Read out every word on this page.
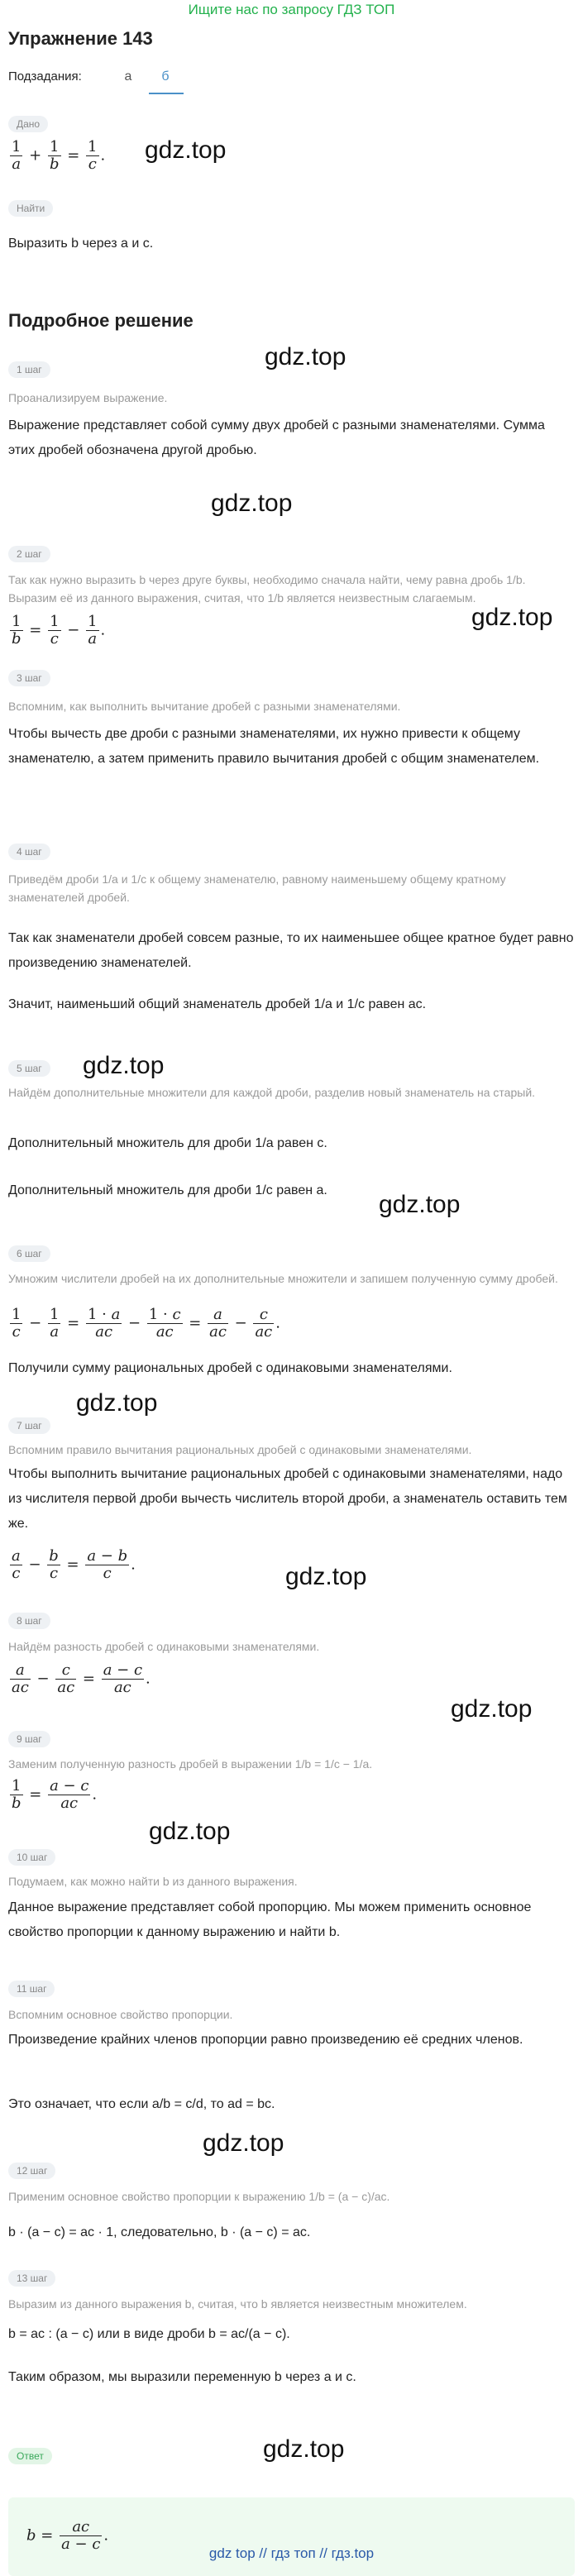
Ищите нас по запросу ГДЗ ТОП
Упражнение 143
Подзадания:	а	б
Дано
$\frac{1}{a} + \frac{1}{b} = \frac{1}{c}$ . gdz.top
Найти
Выразить b через a и c.
Подробное решение
1 шаг	gdz.top
Проанализируем выражение.
Выражение представляет собой сумму двух дробей с разными знаменателями. Сумма этих дробей обозначена другой дробью.
2 шаг
gdz.top
Так как нужно выразить b через друге буквы, необходимо сначала найти, чему равна дробь 1/b. Выразим её из данного выражения, считая, что 1/b является неизвестным слагаемым.
$\frac{1}{b} = \frac{1}{c} - \frac{1}{a}$ .	gdz.top
3 шаг
Вспомним, как выполнить вычитание дробей с разными знаменателями.
Чтобы вычесть две дроби с разными знаменателями, их нужно привести к общему знаменателю, а затем применить правило вычитания дробей с общим знаменателем.
4 шаг
Приведём дроби 1/a и 1/c к общему знаменателю, равному наименьшему общему кратному знаменателей дробей.
Так как знаменатели дробей совсем разные, то их наименьшее общее кратное будет равно произведению знаменателей.
Значит, наименьший общий знаменатель дробей 1/a и 1/c равен ac.
5 шаг	gdz.top
Найдём дополнительные множители для каждой дроби, разделив новый знаменатель на старый.
Дополнительный множитель для дроби 1/a равен c.
Дополнительный множитель для дроби 1/c равен a.
gdz.top
6 шаг
Умножим числители дробей на их дополнительные множители и запишем полученную сумму дробей.
$\frac{1}{c} - \frac{1}{a} = \frac{1 \cdot a}{ac} - \frac{1 \cdot c}{ac} = \frac{a}{ac} - \frac{c}{ac}$ .
Получили сумму рациональных дробей с одинаковыми знаменателями.
7 шаг
gdz.top
Вспомним правило вычитания рациональных дробей с одинаковыми знаменателями.
Чтобы выполнить вычитание рациональных дробей с одинаковыми знаменателями, надо из числителя первой дроби вычесть числитель второй дроби, а знаменатель оставить тем же.
$\frac{a}{c} - \frac{b}{c} = \frac{a - b}{c}$ .	gdz.top
8 шаг
Найдём разность дробей с одинаковыми знаменателями.
$\frac{a}{ac} - \frac{c}{ac} = \frac{a - c}{ac}$ .
9 шаг
gdz.top
Заменим полученную разность дробей в выражении 1/b = 1/c − 1/a.
$\frac{1}{b} = \frac{a - c}{ac}$ .
10 шаг
gdz.top
Подумаем, как можно найти b из данного выражения.
Данное выражение представляет собой пропорцию. Мы можем применить основное свойство пропорции к данному выражению и найти b.
11 шаг
Вспомним основное свойство пропорции.
Произведение крайних членов пропорции равно произведению её средних членов.
Это означает, что если a/b = c/d, то ad = bc.
12 шаг
gdz.top
Применим основное свойство пропорции к выражению 1/b = (a − c)/ac.
b · (a − c) = ac · 1, следовательно, b · (a − c) = ac.
13 шаг
Выразим из данного выражения b, считая, что b является неизвестным множителем.
b = ac : (a − c) или в виде дроби b = ac/(a − c).
Таким образом, мы выразили переменную b через a и c.
Ответ	gdz.top
$b = \frac{ac}{a - c}$ .
gdz top // гдз топ // гдз.top
